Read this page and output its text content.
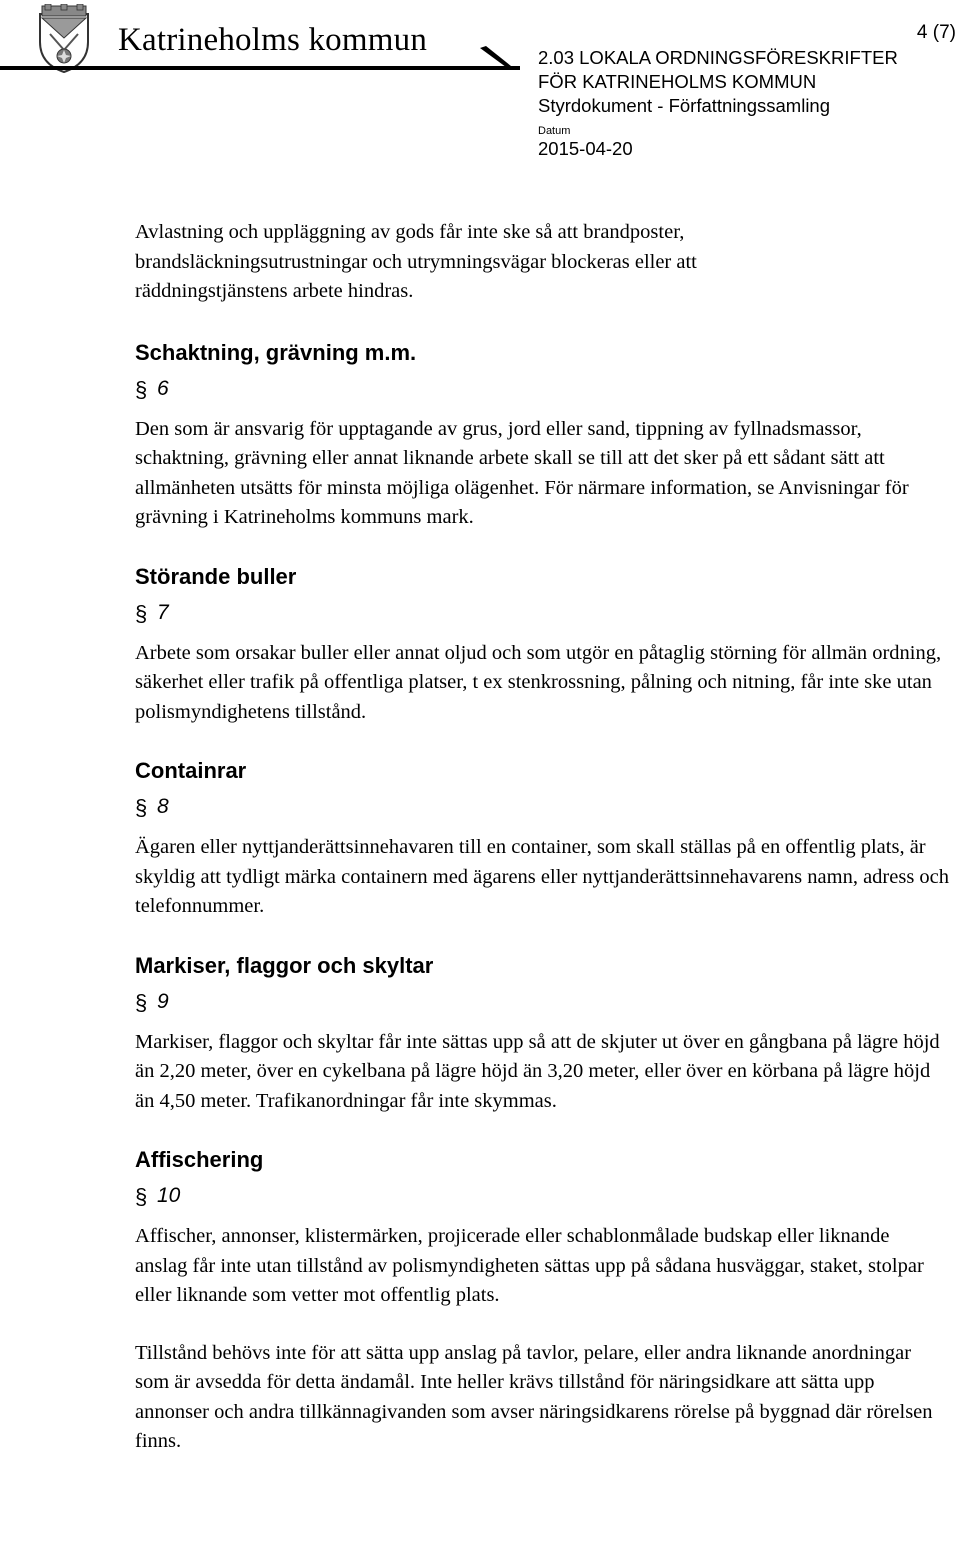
Katrineholms kommun	4 (7)
2.03 LOKALA ORDNINGSFÖRESKRIFTER
FÖR KATRINEHOLMS KOMMUN
Styrdokument - Författningssamling
Datum
2015-04-20

Avlastning och uppläggning av gods får inte ske så att brandposter, brandsläckningsutrustningar och utrymningsvägar blockeras eller att räddningstjänstens arbete hindras.

Schaktning, grävning m.m.
§ 6

Den som är ansvarig för upptagande av grus, jord eller sand, tippning av fyllnadsmassor, schaktning, grävning eller annat liknande arbete skall se till att det sker på ett sådant sätt att allmänheten utsätts för minsta möjliga olägenhet. För närmare information, se Anvisningar för grävning i Katrineholms kommuns mark.

Störande buller
§ 7

Arbete som orsakar buller eller annat oljud och som utgör en påtaglig störning för allmän ordning, säkerhet eller trafik på offentliga platser, t ex stenkrossning, pålning och nitning, får inte ske utan polismyndighetens tillstånd.

Containrar
§ 8

Ägaren eller nyttjanderättsinnehavaren till en container, som skall ställas på en offentlig plats, är skyldig att tydligt märka containern med ägarens eller nyttjanderättsinnehavarens namn, adress och telefonnummer.

Markiser, flaggor och skyltar
§ 9

Markiser, flaggor och skyltar får inte sättas upp så att de skjuter ut över en gångbana på lägre höjd än 2,20 meter, över en cykelbana på lägre höjd än 3,20 meter, eller över en körbana på lägre höjd än 4,50 meter. Trafikanordningar får inte skymmas.

Affischering
§ 10

Affischer, annonser, klistermärken, projicerade eller schablonmålade budskap eller liknande anslag får inte utan tillstånd av polismyndigheten sättas upp på sådana husväggar, staket, stolpar eller liknande som vetter mot offentlig plats.

Tillstånd behövs inte för att sätta upp anslag på tavlor, pelare, eller andra liknande anordningar som är avsedda för detta ändamål. Inte heller krävs tillstånd för näringsidkare att sätta upp annonser och andra tillkännagivanden som avser näringsidkarens rörelse på byggnad där rörelsen finns.
